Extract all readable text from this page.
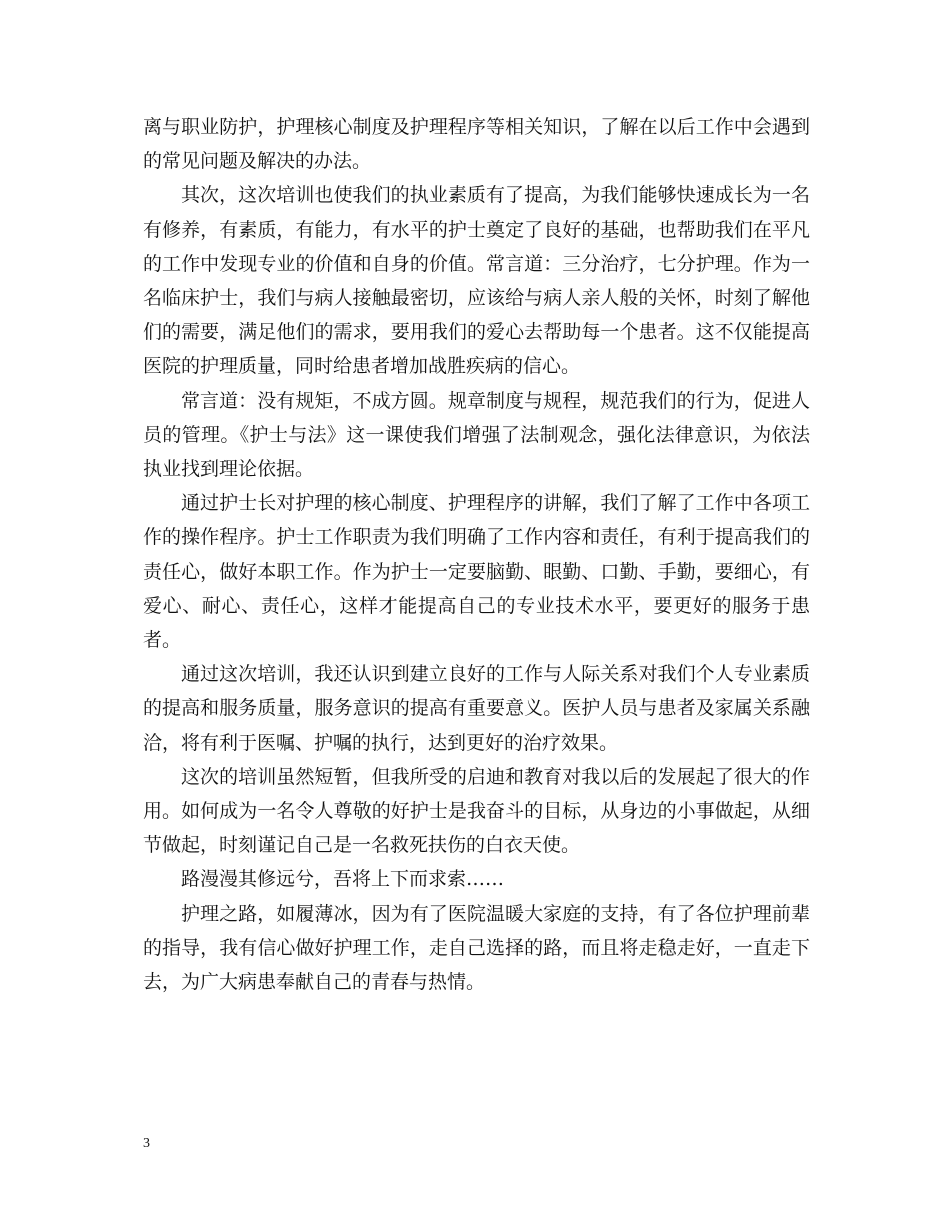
离与职业防护，护理核心制度及护理程序等相关知识，了解在以后工作中会遇到的常见问题及解决的办法。

其次，这次培训也使我们的执业素质有了提高，为我们能够快速成长为一名有修养，有素质，有能力，有水平的护士奠定了良好的基础，也帮助我们在平凡的工作中发现专业的价值和自身的价值。常言道：三分治疗，七分护理。作为一名临床护士，我们与病人接触最密切，应该给与病人亲人般的关怀，时刻了解他们的需要，满足他们的需求，要用我们的爱心去帮助每一个患者。这不仅能提高医院的护理质量，同时给患者增加战胜疾病的信心。

常言道：没有规矩，不成方圆。规章制度与规程，规范我们的行为，促进人员的管理。《护士与法》这一课使我们增强了法制观念，强化法律意识，为依法执业找到理论依据。

通过护士长对护理的核心制度、护理程序的讲解，我们了解了工作中各项工作的操作程序。护士工作职责为我们明确了工作内容和责任，有利于提高我们的责任心，做好本职工作。作为护士一定要脑勤、眼勤、口勤、手勤，要细心，有爱心、耐心、责任心，这样才能提高自己的专业技术水平，要更好的服务于患者。

通过这次培训，我还认识到建立良好的工作与人际关系对我们个人专业素质的提高和服务质量，服务意识的提高有重要意义。医护人员与患者及家属关系融洽，将有利于医嘱、护嘱的执行，达到更好的治疗效果。

这次的培训虽然短暂，但我所受的启迪和教育对我以后的发展起了很大的作用。如何成为一名令人尊敬的好护士是我奋斗的目标，从身边的小事做起，从细节做起，时刻谨记自己是一名救死扶伤的白衣天使。

路漫漫其修远兮，吾将上下而求索……

护理之路，如履薄冰，因为有了医院温暖大家庭的支持，有了各位护理前辈的指导，我有信心做好护理工作，走自己选择的路，而且将走稳走好，一直走下去，为广大病患奉献自己的青春与热情。

3
